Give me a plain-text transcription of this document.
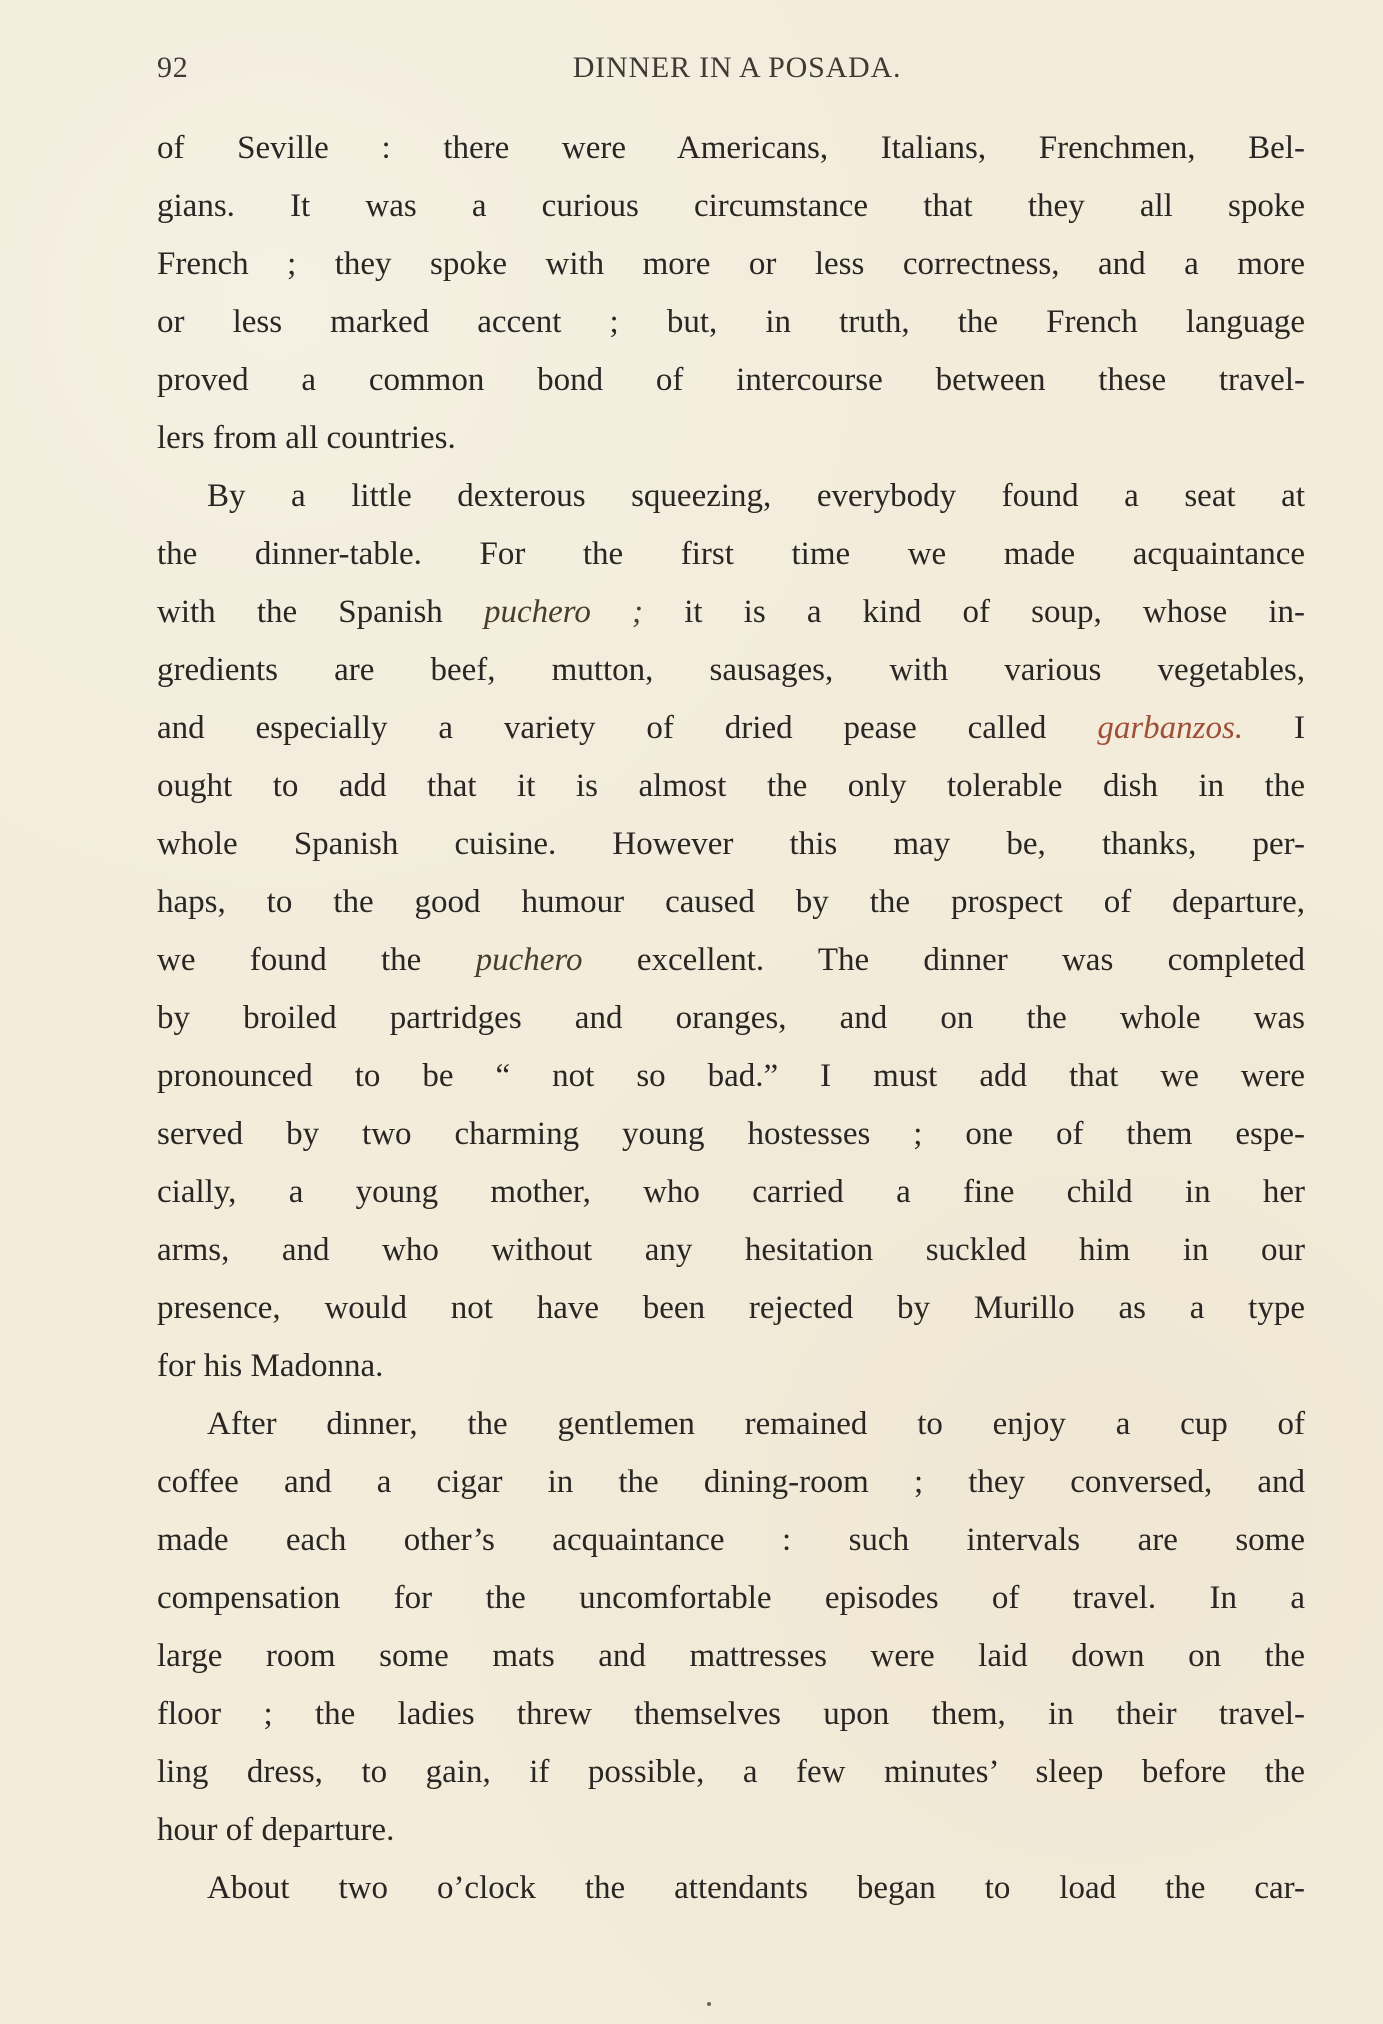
92	DINNER IN A POSADA.
of Seville : there were Americans, Italians, Frenchmen, Bel-
gians. It was a curious circumstance that they all spoke
French ; they spoke with more or less correctness, and a more
or less marked accent ; but, in truth, the French language
proved a common bond of intercourse between these travel-
lers from all countries.
By a little dexterous squeezing, everybody found a seat at
the dinner-table. For the first time we made acquaintance
with the Spanish puchero ; it is a kind of soup, whose in-
gredients are beef, mutton, sausages, with various vegetables,
and especially a variety of dried pease called garbanzos. I
ought to add that it is almost the only tolerable dish in the
whole Spanish cuisine. However this may be, thanks, per-
haps, to the good humour caused by the prospect of departure,
we found the puchero excellent. The dinner was completed
by broiled partridges and oranges, and on the whole was
pronounced to be “ not so bad.” I must add that we were
served by two charming young hostesses ; one of them espe-
cially, a young mother, who carried a fine child in her
arms, and who without any hesitation suckled him in our
presence, would not have been rejected by Murillo as a type
for his Madonna.
After dinner, the gentlemen remained to enjoy a cup of
coffee and a cigar in the dining-room ; they conversed, and
made each other’s acquaintance : such intervals are some
compensation for the uncomfortable episodes of travel. In a
large room some mats and mattresses were laid down on the
floor ; the ladies threw themselves upon them, in their travel-
ling dress, to gain, if possible, a few minutes’ sleep before the
hour of departure.
About two o’clock the attendants began to load the car-
